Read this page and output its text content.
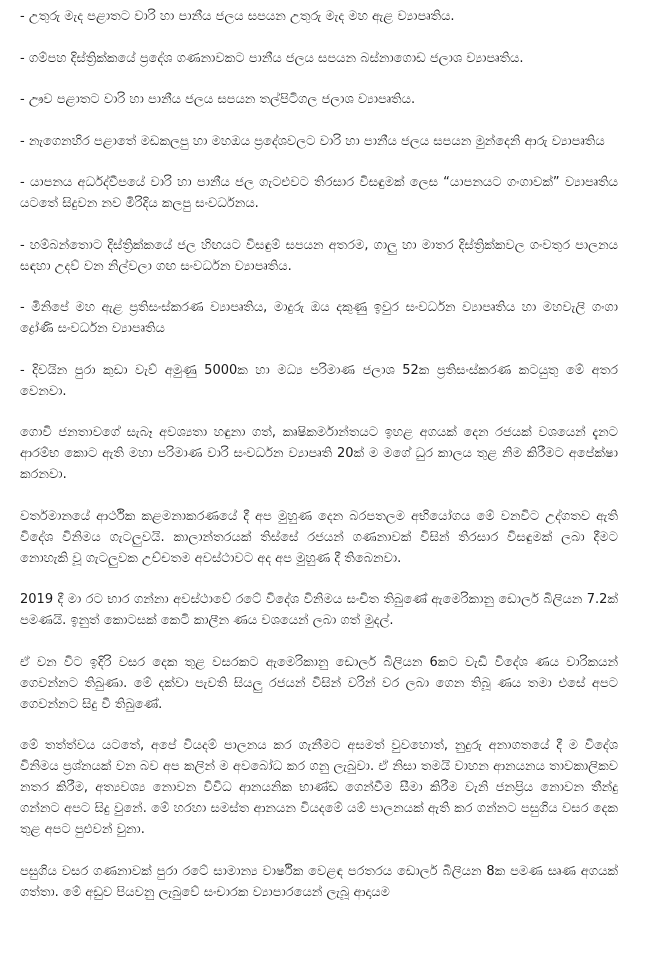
- උතුරු මැද පළාතට වාරි හා පානීය ජලය සපයන උතුරු මැද මහ ඇළ ව්‍යාපෘතිය.

- ගම්පහ දිස්ත්‍රික්කයේ ප්‍රදේශ ගණනාවකට පානීය ජලය සපයන බස්නාගොඩ ජලාශ ව්‍යාපෘතිය.

- ඌව පළාතට වාරි හා පානීය ජලය සපයන තල්පිටිගල ජලාශ ව්‍යාපෘතිය.

- නැගෙනහිර පළාතේ මඩකලපු හා මහඔය ප්‍රදේශවලට වාරි හා පානීය ජලය සපයන මුන්දෙනි ආරු ව්‍යාපෘතිය

- යාපනය අර්ධද්වීපයේ වාරි හා පානීය ජල ගැටළුවට තිරසාර විසඳුමක් ලෙස “යාපනයට ගංගාවක්” ව්‍යාපෘතිය යටතේ සිදුවන නව මිරිදිය කලපු සංවර්ධනය.

- හම්බන්තොට දිස්ත්‍රික්කයේ ජල හිඟයට විසඳුම් සපයන අතරම, ගාලු හා මාතර දිස්ත්‍රික්කවල ගංවතුර පාලනය සඳහා උදව් වන නිල්වලා ගඟ සංවර්ධන ව්‍යාපෘතිය.

- මිනිපේ මහ ඇළ ප්‍රතිසංස්කරණ ව්‍යාපෘතිය, මාදුරු ඔය දකුණු ඉවුර සංවර්ධන ව්‍යාපෘතිය හා මහවැලි ගංගා ද්‍රෝණි සංවර්ධන ව්‍යාපෘතිය

- දිවයින පුරා කුඩා වැව් අමුණු 5000ක හා මධ්‍ය පරිමාණ ජලාශ 52ක ප්‍රතිසංස්කරණ කටයුතු මේ අතර වෙනවා.

ගොවි ජනතාවගේ සැබෑ අවශ්‍යතා හඳුනා ගත්, කෘෂිකර්මාන්තයට ඉහළ අගයක් දෙන රජයක් වශයෙන් දැනට ආරම්භ කොට ඇති මහා පරිමාණ වාරි සංවර්ධන ව්‍යාපෘති 20ක් ම මගේ ධුර කාලය තුළ නිම කිරීමට අපේක්ෂා කරනවා.

වර්තමානයේ ආර්ථික කළමනාකරණයේ දී අප මුහුණ දෙන බරපතලම අභියෝගය මේ වනවිට උද්ගතව ඇති විදේශ විනිමය ගැටලුවයි. කාලාන්තරයක් තිස්සේ රජයන් ගණනාවක් විසින් තිරසාර විසඳුමක් ලබා දීමට නොහැකි වූ ගැටලුවක උච්චතම අවස්ථාවට අද අප මුහුණ දී තිබෙනවා.

2019 දී මා රට භාර ගන්නා අවස්ථාවේ රටේ විදේශ විනිමය සංචිත තිබුණේ ඇමෙරිකානු ඩොලර් බිලියන 7.2ක් පමණයි. ඉනුත් කොටසක් කෙටි කාලීන ණය වශයෙන් ලබා ගත් මුදල්.

ඒ වන විට ඉදිරි වසර දෙක තුළ වසරකට ඇමෙරිකානු ඩොලර් බිලියන 6කට වැඩි විදේශ ණය වාරිකයන් ගෙවන්නට තිබුණා. මේ දක්වා පැවති සියලු රජයන් විසින් වරින් වර ලබා ගෙන තිබූ ණය තමා එසේ අපට ගෙවන්නට සිදු වී තිබුණේ.

මේ තත්ත්වය යටතේ, අපේ වියදම් පාලනය කර ගැනීමට අසමත් වුවහොත්, නුදුරු අනාගතයේ දී ම විදේශ විනිමය ප්‍රශ්නයක් වන බව අප කලින් ම අවබෝධ කර ගනු ලැබුවා. ඒ නිසා තමයි වාහන ආනයනය තාවකාලිකව නතර කිරීම, අත්‍යවශ්‍ය නොවන විවිධ ආනයනික භාණ්ඩ ගෙන්වීම සීමා කිරීම වැනි ජනප්‍රිය නොවන තීන්දු ගන්නට අපට සිදු වුනේ. මේ හරහා සමස්ත ආනයන වියදමේ යම් පාලනයක් ඇති කර ගන්නට පසුගිය වසර දෙක තුළ අපට පුළුවන් වුනා.

පසුගිය වසර ගණනාවක් පුරා රටේ සාමාන්‍ය වාර්ෂික වෙළඳ පරතරය ඩොලර් බිලියන 8ක පමණ සෘණ අගයක් ගත්තා. මේ අඩුව පියවනු ලැබුවේ සංචාරක ව්‍යාපාරයෙන් ලැබූ ආදායම
